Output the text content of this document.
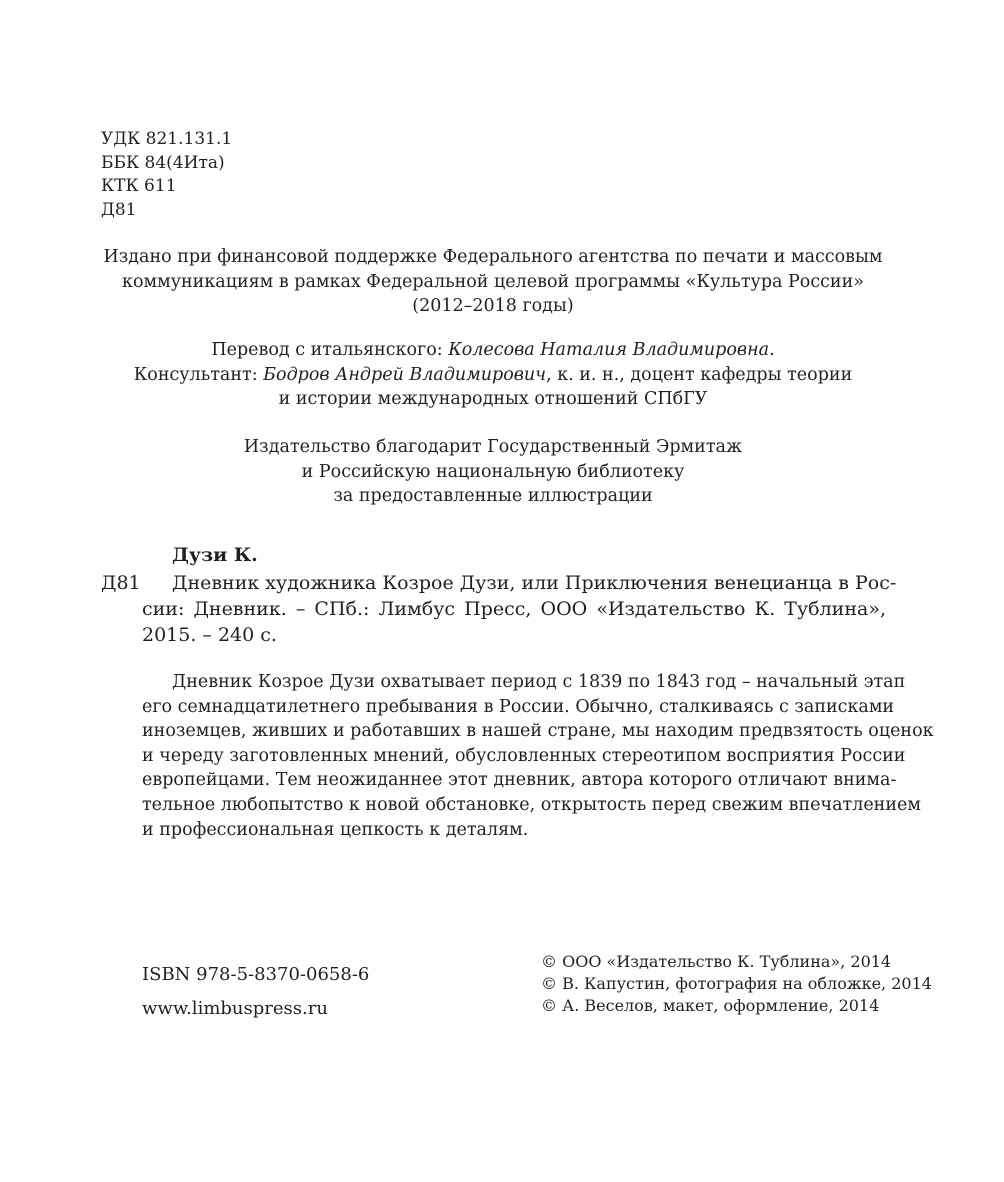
УДК 821.131.1
ББК 84(4Ита)
КТК 611
Д81
Издано при финансовой поддержке Федерального агентства по печати и массовым
коммуникациям в рамках Федеральной целевой программы «Культура России»
(2012–2018 годы)
Перевод с итальянского: Колесова Наталия Владимировна.
Консультант: Бодров Андрей Владимирович, к. и. н., доцент кафедры теории
и истории международных отношений СПбГУ
Издательство благодарит Государственный Эрмитаж
и Российскую национальную библиотеку
за предоставленные иллюстрации
Дузи К.
Д81	Дневник художника Козрое Дузи, или Приключения венецианца в Рос-
сии: Дневник. – СПб.: Лимбус Пресс, ООО «Издательство К. Тублина»,
2015. – 240 с.
Дневник Козрое Дузи охватывает период с 1839 по 1843 год – начальный этап
его семнадцатилетнего пребывания в России. Обычно, сталкиваясь с записками
иноземцев, живших и работавших в нашей стране, мы находим предвзятость оценок
и череду заготовленных мнений, обусловленных стереотипом восприятия России
европейцами. Тем неожиданнее этот дневник, автора которого отличают внима-
тельное любопытство к новой обстановке, открытость перед свежим впечатлением
и профессиональная цепкость к деталям.
ISBN 978-5-8370-0658-6
www.limbuspress.ru
© ООО «Издательство К. Тублина», 2014
© В. Капустин, фотография на обложке, 2014
© А. Веселов, макет, оформление, 2014
